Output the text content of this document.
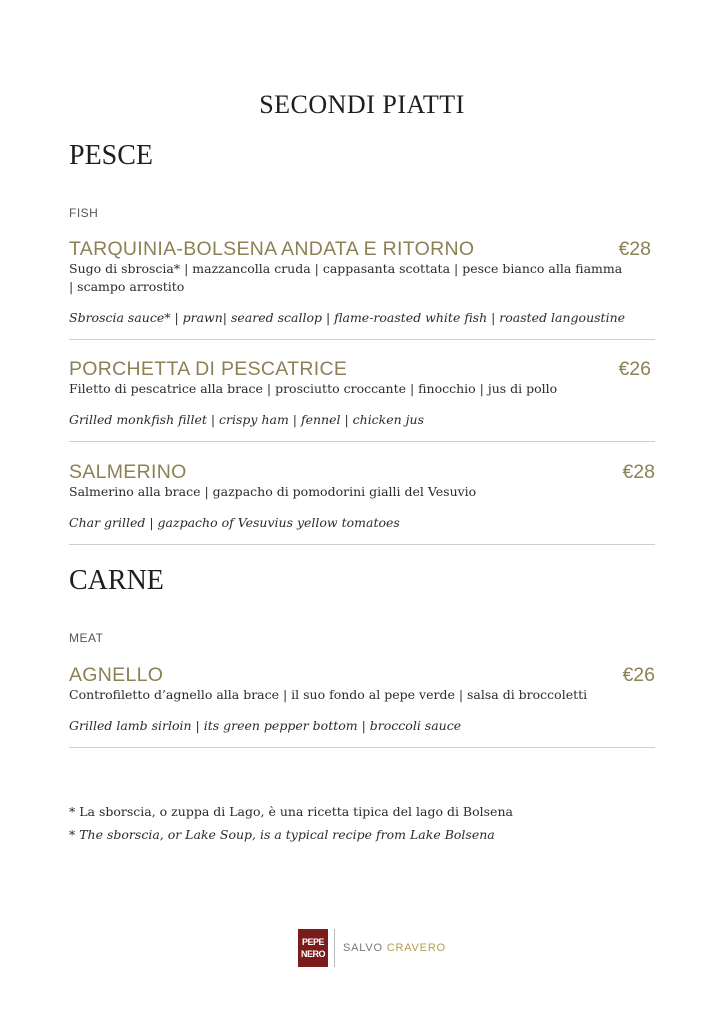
SECONDI PIATTI
PESCE
FISH
TARQUINIA-BOLSENA ANDATA E RITORNO	€28
Sugo di sbroscia* | mazzancolla cruda | cappasanta scottata | pesce bianco alla fiamma | scampo arrostito
Sbroscia sauce* | prawn| seared scallop | flame-roasted white fish | roasted langoustine
PORCHETTA DI PESCATRICE	€26
Filetto di pescatrice alla brace | prosciutto croccante | finocchio | jus di pollo
Grilled monkfish fillet | crispy ham | fennel | chicken jus
SALMERINO	€28
Salmerino alla brace | gazpacho di pomodorini gialli del Vesuvio
Char grilled | gazpacho of Vesuvius yellow tomatoes
CARNE
MEAT
AGNELLO	€26
Controfiletto d’agnello alla brace | il suo fondo al pepe verde | salsa di broccoletti
Grilled lamb sirloin | its green pepper bottom | broccoli sauce
* La sborscia, o zuppa di Lago, è una ricetta tipica del lago di Bolsena
* The sborscia, or Lake Soup, is a typical recipe from Lake Bolsena
PEPE
NERO SALVO CRAVERO
